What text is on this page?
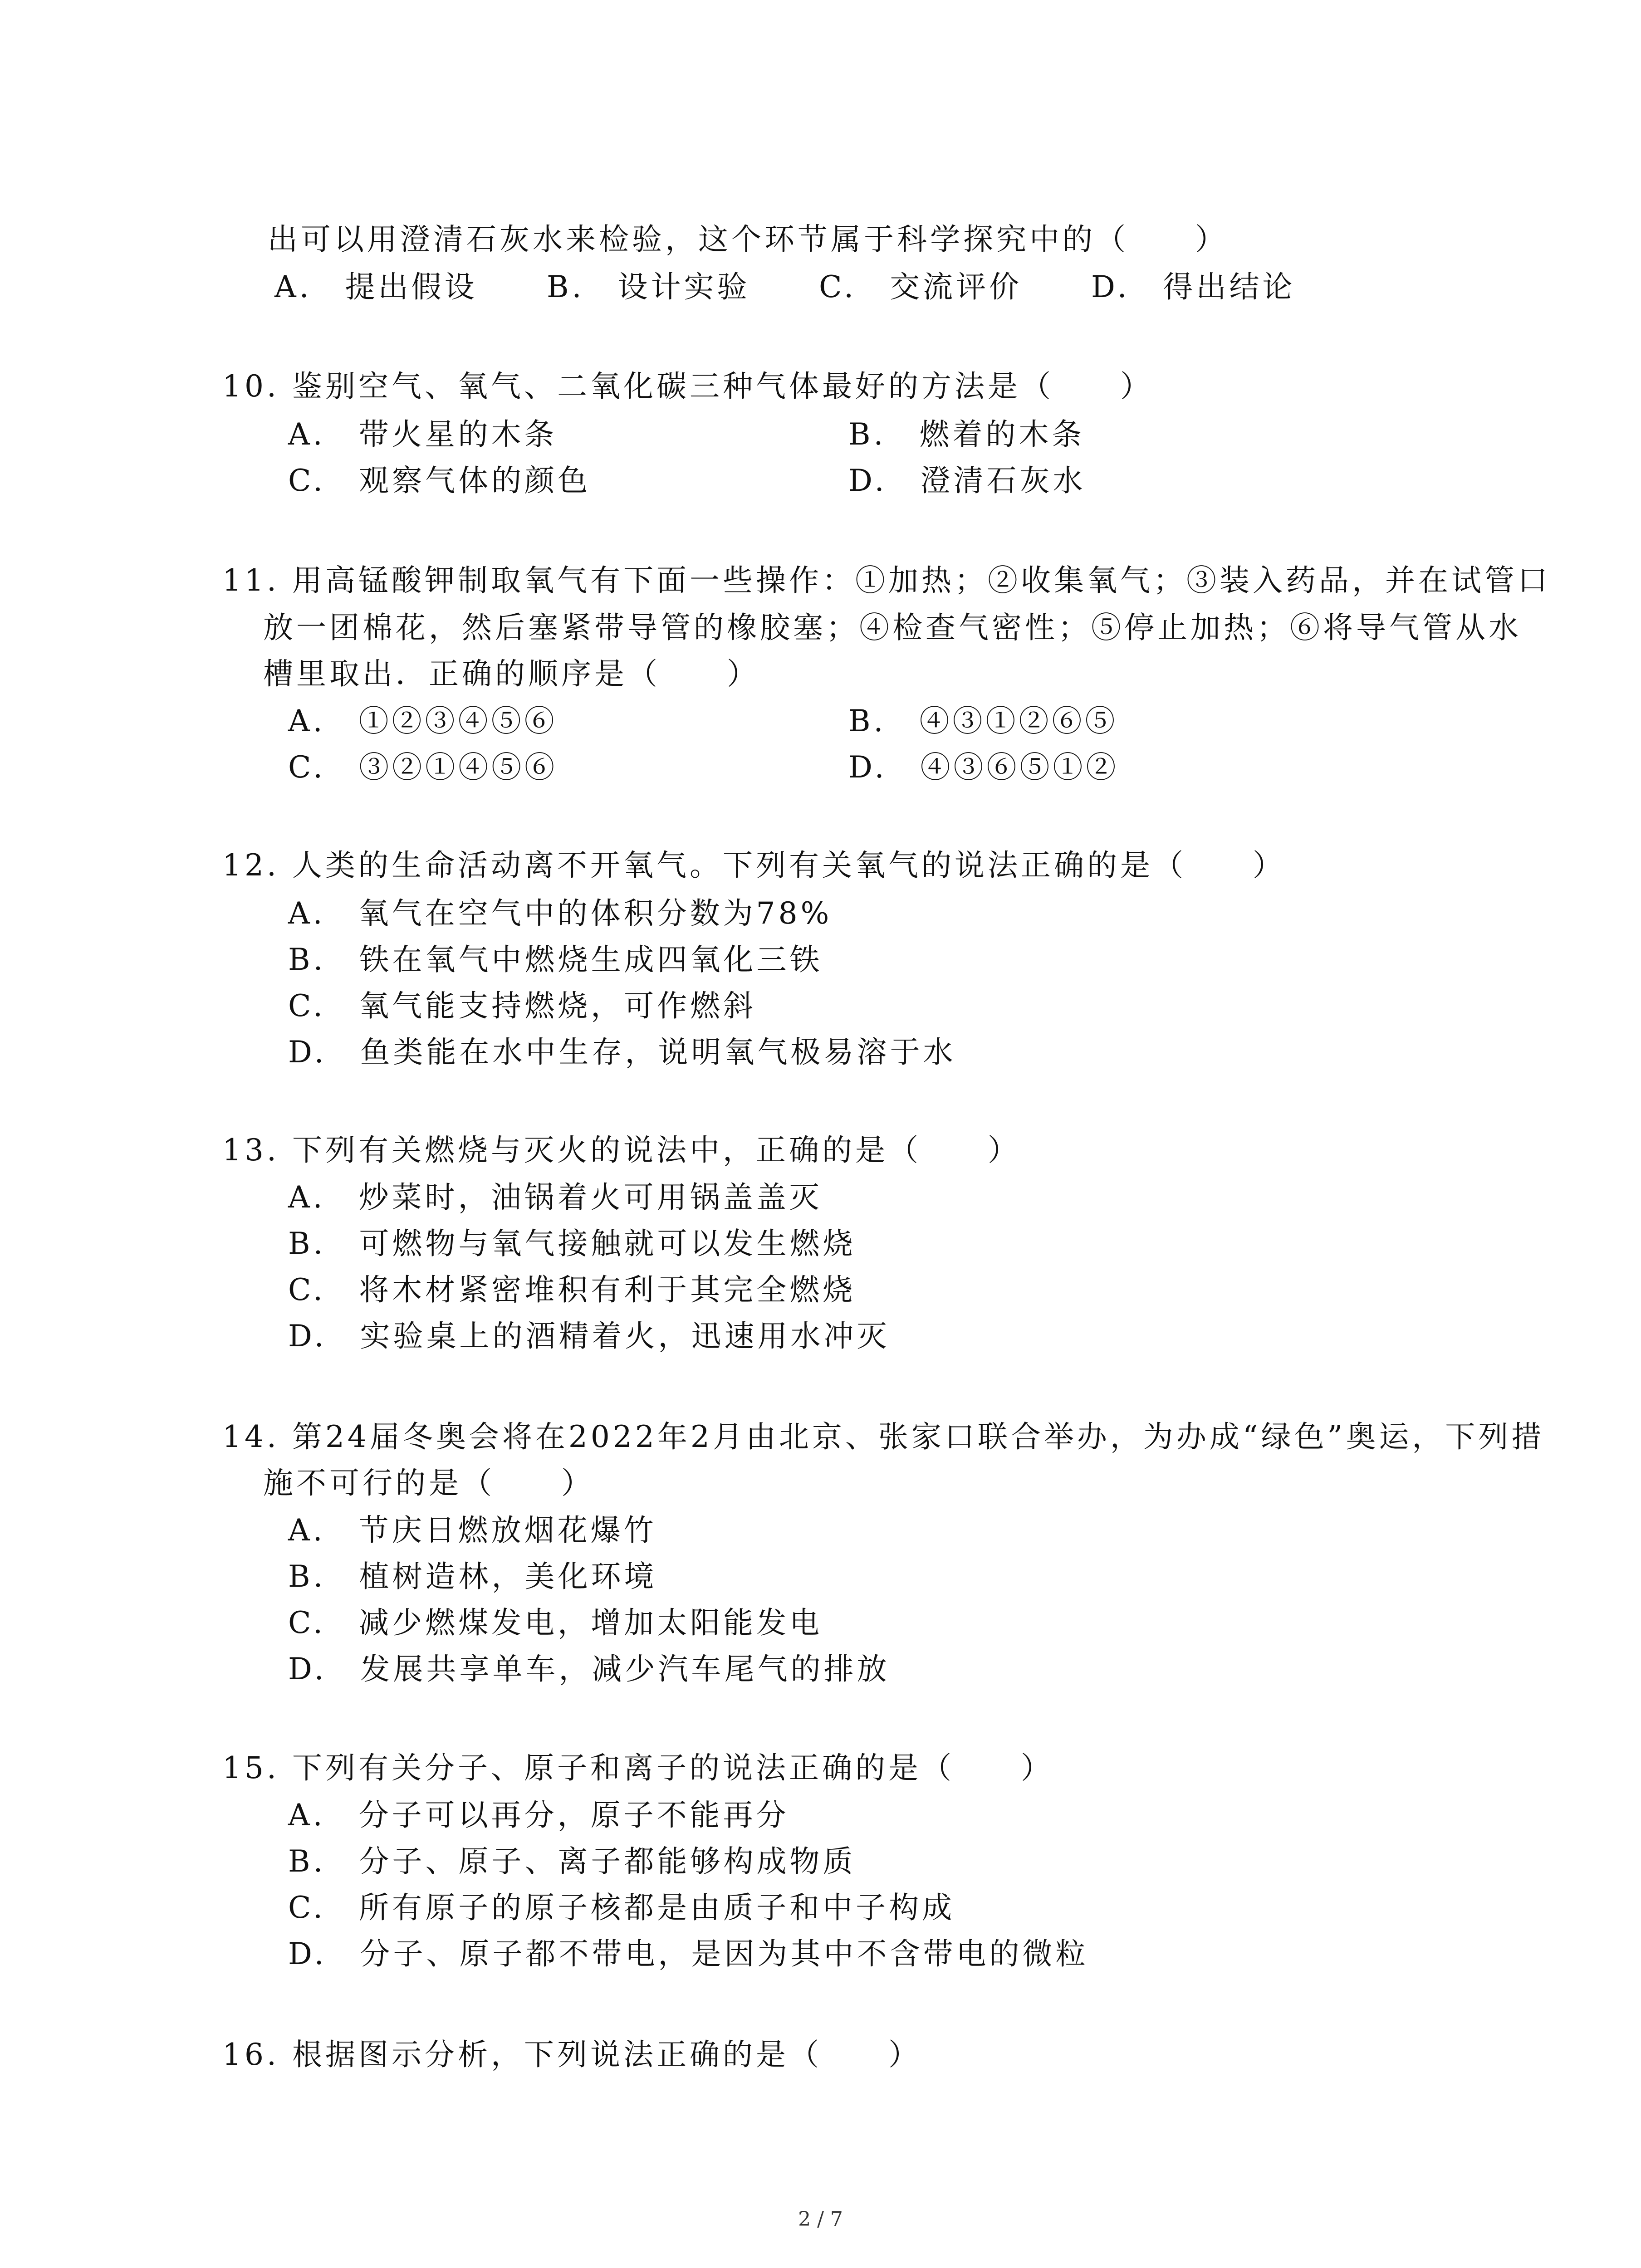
出可以用澄清石灰水来检验，这个环节属于科学探究中的（　　）
A.　提出假设 B.　设计实验 C.　交流评价 D.　得出结论
10. 鉴别空气、氧气、二氧化碳三种气体最好的方法是（　　）
A.　带火星的木条	B.　燃着的木条
C.　观察气体的颜色	D.　澄清石灰水
11. 用高锰酸钾制取氧气有下面一些操作：①加热；②收集氧气；③装入药品，并在试管口
放一团棉花，然后塞紧带导管的橡胶塞；④检查气密性；⑤停止加热；⑥将导气管从水
槽里取出．正确的顺序是（　　）
A.　①②③④⑤⑥	B.　④③①②⑥⑤
C.　③②①④⑤⑥	D.　④③⑥⑤①②
12. 人类的生命活动离不开氧气。下列有关氧气的说法正确的是（　　）
A.　氧气在空气中的体积分数为78%
B.　铁在氧气中燃烧生成四氧化三铁
C.　氧气能支持燃烧，可作燃斜
D.　鱼类能在水中生存，说明氧气极易溶于水
13. 下列有关燃烧与灭火的说法中，正确的是（　　）
A.　炒菜时，油锅着火可用锅盖盖灭
B.　可燃物与氧气接触就可以发生燃烧
C.　将木材紧密堆积有利于其完全燃烧
D.　实验桌上的酒精着火，迅速用水冲灭
14. 第24届冬奥会将在2022年2月由北京、张家口联合举办，为办成“绿色”奥运，下列措
施不可行的是（　　）
A.　节庆日燃放烟花爆竹
B.　植树造林，美化环境
C.　减少燃煤发电，增加太阳能发电
D.　发展共享单车，减少汽车尾气的排放
15. 下列有关分子、原子和离子的说法正确的是（　　）
A.　分子可以再分，原子不能再分
B.　分子、原子、离子都能够构成物质
C.　所有原子的原子核都是由质子和中子构成
D.　分子、原子都不带电，是因为其中不含带电的微粒
16. 根据图示分析，下列说法正确的是（　　）
2 / 7
